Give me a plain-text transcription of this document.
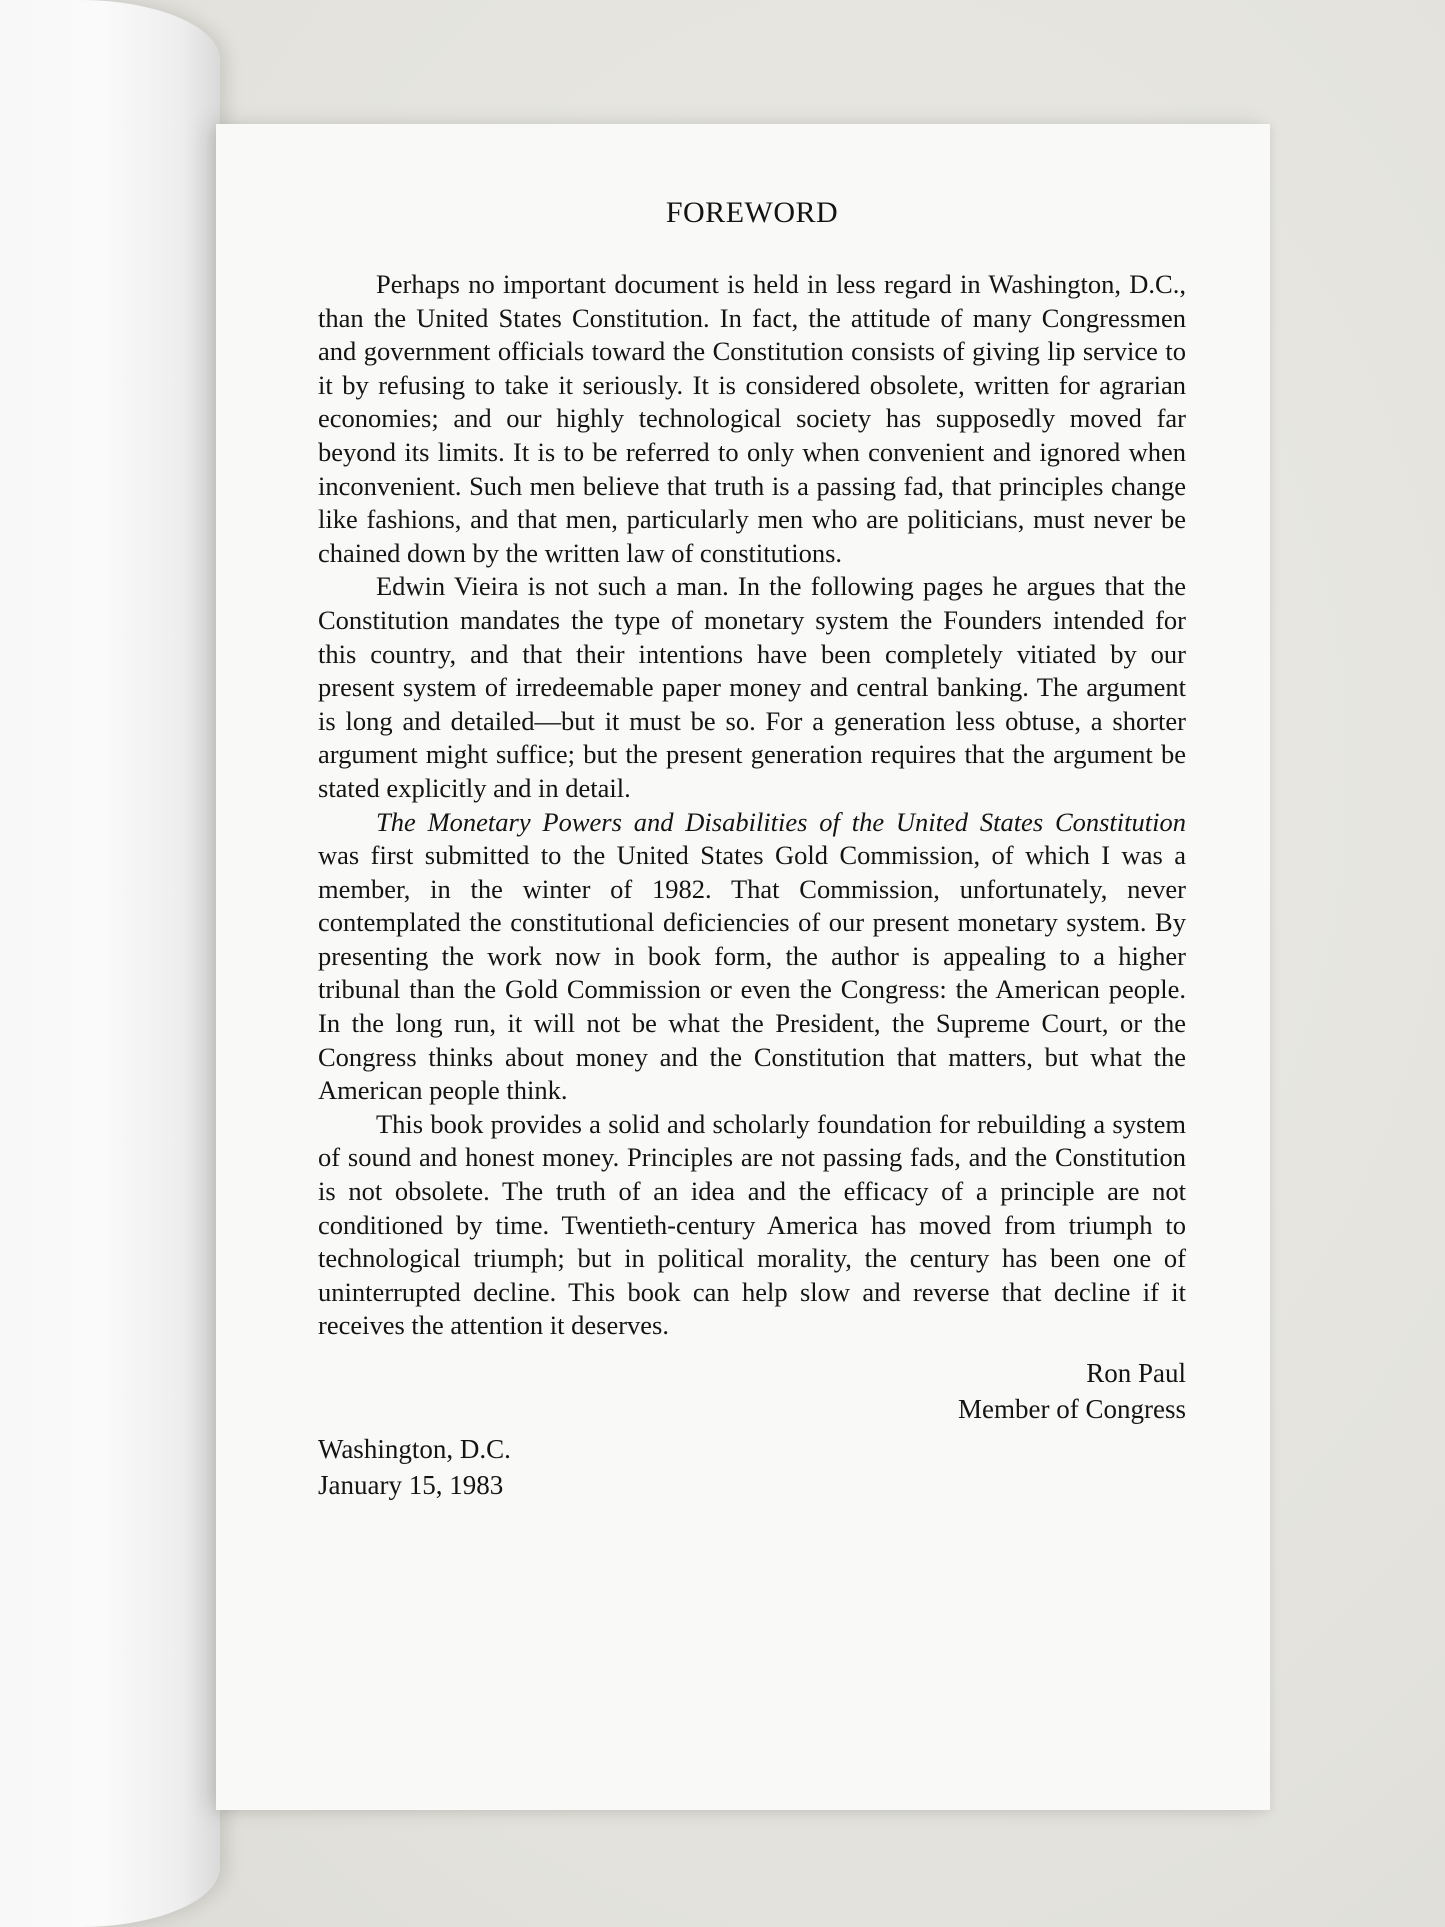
FOREWORD

Perhaps no important document is held in less regard in Washington, D.C., than the United States Constitution. In fact, the attitude of many Congressmen and government officials toward the Constitution consists of giving lip service to it by refusing to take it seriously. It is considered obsolete, written for agrarian economies; and our highly technological society has supposedly moved far beyond its limits. It is to be referred to only when convenient and ignored when inconvenient. Such men believe that truth is a passing fad, that principles change like fashions, and that men, particularly men who are politicians, must never be chained down by the written law of constitutions.

Edwin Vieira is not such a man. In the following pages he argues that the Constitution mandates the type of monetary system the Founders intended for this country, and that their intentions have been completely vitiated by our present system of irredeemable paper money and central banking. The argument is long and detailed—but it must be so. For a generation less obtuse, a shorter argument might suffice; but the present generation requires that the argument be stated explicitly and in detail.

The Monetary Powers and Disabilities of the United States Constitution was first submitted to the United States Gold Commission, of which I was a member, in the winter of 1982. That Commission, unfortunately, never contemplated the constitutional deficiencies of our present monetary system. By presenting the work now in book form, the author is appealing to a higher tribunal than the Gold Commission or even the Congress: the American people. In the long run, it will not be what the President, the Supreme Court, or the Congress thinks about money and the Constitution that matters, but what the American people think.

This book provides a solid and scholarly foundation for rebuilding a system of sound and honest money. Principles are not passing fads, and the Constitution is not obsolete. The truth of an idea and the efficacy of a principle are not conditioned by time. Twentieth-century America has moved from triumph to technological triumph; but in political morality, the century has been one of uninterrupted decline. This book can help slow and reverse that decline if it receives the attention it deserves.

Ron Paul
Member of Congress
Washington, D.C.
January 15, 1983
